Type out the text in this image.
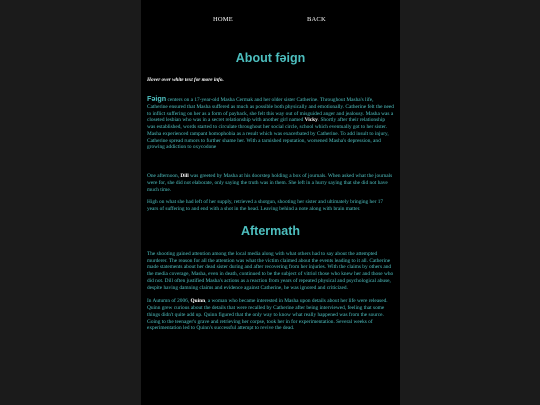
HOME	BACK
About fǝign

Hover over white text for more info.

Fǝign centers on a 17-year-old Masha Cermak and her older sister Catherine. Throughout Masha's life, Catherine ensured that Masha suffered as much as possible both physically and emotionally. Catherine felt the need to inflict suffering on her as a form of payback, she felt this way out of misguided anger and jealousy. Masha was a closeted lesbian who was in a secret relationship with another girl named Vicky. Shortly after their relationship was established, words started to circulate throughout her social circle, school which eventually got to her sister. Masha experienced rampant homophobia as a result which was exacerbated by Catherine. To add insult to injury, Catherine spread rumors to further shame her. With a tarnished reputation, worsened Masha's depression, and growing addiction to oxycodone

One afternoon, Dill was greeted by Masha at his doorstep holding a box of journals. When asked what the journals were for, she did not elaborate, only saying the truth was in them. She left in a hurry saying that she did not have much time.

High on what she had left of her supply, retrieved a shotgun, shooting her sister and ultimately bringing her 17 years of suffering to and end with a shot in the head. Leaving behind a note along with brain matter.

Aftermath

The shooting gained attention among the local media along with what others had to say about the attempted murderer. The reason for all the attention was what the victim claimed about the events leading to it all. Catherine made statements about her dead sister during and after recovering from her injuries. With the claims by others and the media coverage, Masha, even in death, continued to be the subject of vitriol those who knew her and those who did not. Dill often justified Masha's actions as a reaction from years of repeated physical and psychological abuse, despite having damning claims and evidence against Catherine, he was ignored and criticized.

In Autumn of 2006, Quinn, a woman who became interested in Masha upon details about her life were released. Quinn grew curious about the details that were recalled by Catherine after being interviewed, feeling that some things didn't quite add up. Quinn figured that the only way to know what really happened was from the source. Going to the teenager's grave and retrieving her corpse, took her in for experimentation. Several weeks of experimentation led to Quinn's successful attempt to revive the dead.
